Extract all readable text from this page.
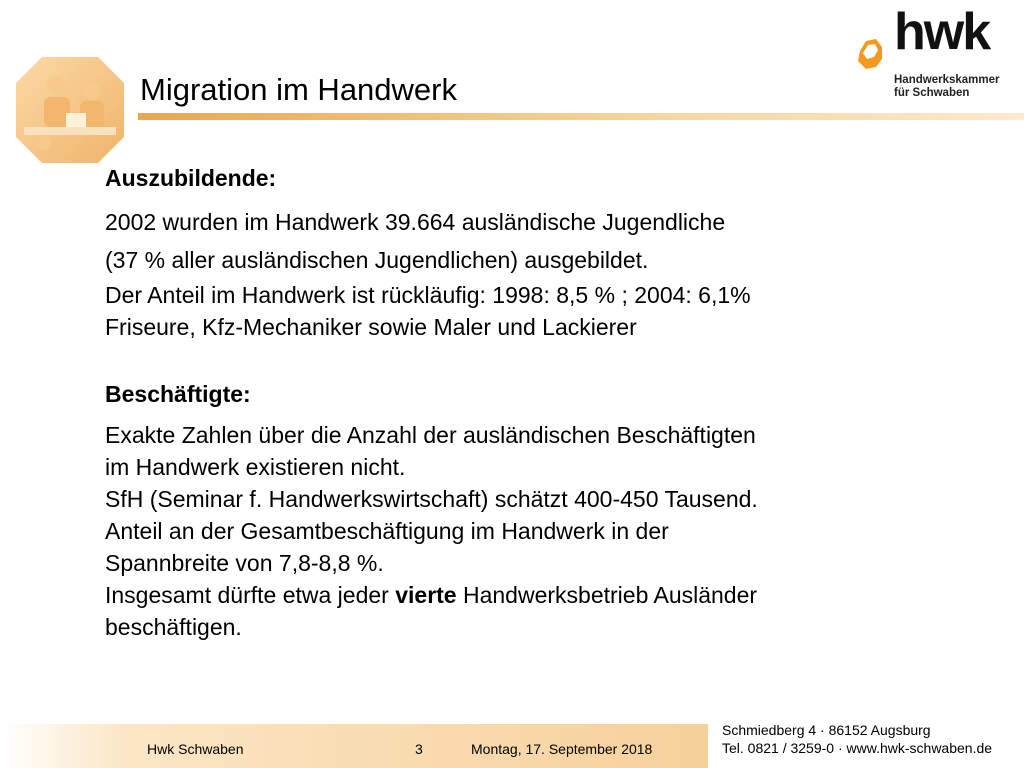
Migration im Handwerk
hwk
Handwerkskammer
für Schwaben

Auszubildende:

2002 wurden im Handwerk 39.664 ausländische Jugendliche
(37 % aller ausländischen Jugendlichen) ausgebildet.
Der Anteil im Handwerk ist rückläufig: 1998: 8,5 % ; 2004: 6,1%
Friseure, Kfz-Mechaniker sowie Maler und Lackierer

Beschäftigte:

Exakte Zahlen über die Anzahl der ausländischen Beschäftigten
im Handwerk existieren nicht.
SfH (Seminar f. Handwerkswirtschaft) schätzt 400-450 Tausend.
Anteil an der Gesamtbeschäftigung im Handwerk in der
Spannbreite von 7,8-8,8 %.
Insgesamt dürfte etwa jeder vierte Handwerksbetrieb Ausländer
beschäftigen.
Hwk Schwaben	3	Montag, 17. September 2018
Schmiedberg 4 · 86152 Augsburg
Tel. 0821 / 3259-0 · www.hwk-schwaben.de
